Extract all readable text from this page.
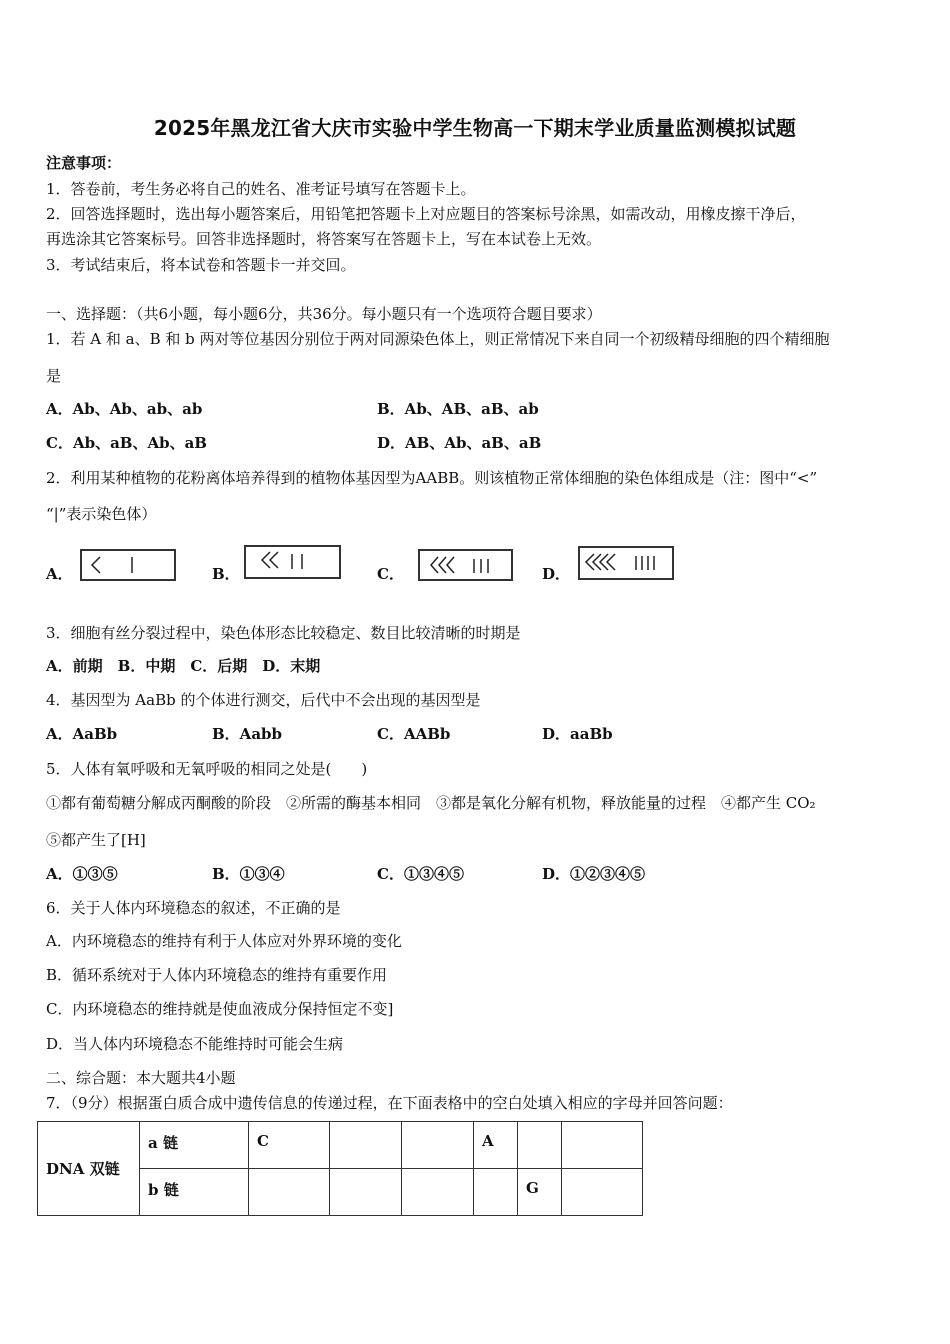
2025年黑龙江省大庆市实验中学生物高一下期末学业质量监测模拟试题
注意事项：
1．答卷前，考生务必将自己的姓名、准考证号填写在答题卡上。
2．回答选择题时，选出每小题答案后，用铅笔把答题卡上对应题目的答案标号涂黑，如需改动，用橡皮擦干净后，
再选涂其它答案标号。回答非选择题时，将答案写在答题卡上，写在本试卷上无效。
3．考试结束后，将本试卷和答题卡一并交回。
一、选择题：（共6小题，每小题6分，共36分。每小题只有一个选项符合题目要求）
1．若 A 和 a、B 和 b 两对等位基因分别位于两对同源染色体上，则正常情况下来自同一个初级精母细胞的四个精细胞
是
A．Ab、Ab、ab、ab	B．Ab、AB、aB、ab
C．Ab、aB、Ab、aB	D．AB、Ab、aB、aB
2．利用某种植物的花粉离体培养得到的植物体基因型为AABB。则该植物正常体细胞的染色体组成是（注：图中“<”
“|”表示染色体）
A．	B．	C．	D．
3．细胞有丝分裂过程中，染色体形态比较稳定、数目比较清晰的时期是
A．前期　B．中期　C．后期　D．末期
4．基因型为 AaBb 的个体进行测交，后代中不会出现的基因型是
A．AaBb	B．Aabb	C．AABb	D．aaBb
5．人体有氧呼吸和无氧呼吸的相同之处是(　　)
①都有葡萄糖分解成丙酮酸的阶段　②所需的酶基本相同　③都是氧化分解有机物，释放能量的过程　④都产生 CO₂
⑤都产生了[H]
A．①③⑤	B．①③④	C．①③④⑤	D．①②③④⑤
6．关于人体内环境稳态的叙述，不正确的是
A．内环境稳态的维持有利于人体应对外界环境的变化
B．循环系统对于人体内环境稳态的维持有重要作用
C．内环境稳态的维持就是使血液成分保持恒定不变]
D．当人体内环境稳态不能维持时可能会生病
二、综合题：本大题共4小题
7．（9分）根据蛋白质合成中遗传信息的传递过程，在下面表格中的空白处填入相应的字母并回答问题：
DNA 双链	a 链	C			A		
	b 链					G	
